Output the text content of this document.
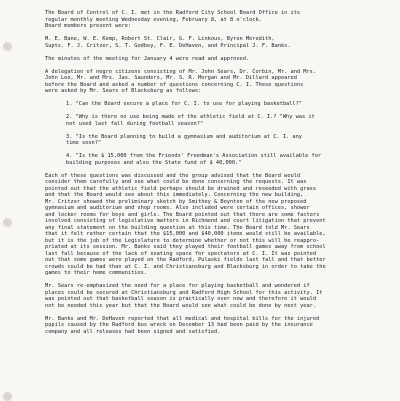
The Board of Control of C. I. met in the Radford City School Board Office in its
regular monthly meeting Wednesday evening, February 8, at 8 o'clock.
Board members present were:
M. E. Bane, W. E. Kemp, Robert St. Clair, G. F. Linkous, Byron Meredith,
Supts. F. J. Critzer, S. T. Godbey, F. E. DeHaven, and Principal J. F. Banks.
The minutes of the meeting for January 4 were read and approved.
A delegation of negro citizens consisting of Mr. John Sears, Dr. Corbin, Mr. and Mrs.
John Lee, Mr. and Mrs. Jas. Saunders, Mr. S. R. Morgan and Mr. Dillard appeared
before the Board and asked a number of questions concerning C. I. These questions
were asked by Mr. Sears of Blacksburg as follows:
1. "Can the Board secure a place for C. I. to use for playing basketball?"
2. "Why is there no use being made of the athletic field at C. I.? "Why was it
not used last fall during football season?"
3. "Is the Board planning to build a gymnasium and auditorium at C. I. any
time soon?"
4. "Is the $ 15,000 from the Friends' Freedman's Association still available for
building purposes and also the State fund of $ 40,000."
Each of these questions was discussed and the group advised that the Board would
consider them carefully and see what could be done concerning the requests. It was
pointed out that the athletic field perhaps should be drained and reseeded with grass
and that the Board would see about this immediately. Concerning the new building,
Mr. Critzer showed the preliminary sketch by Smithey & Boynton of the new proposed
gymnasium and auditorium and shop rooms. Also included were certain offices, shower
and locker rooms for boys and girls. The Board pointed out that there are some factors
involved consisting of legislative matters in Richmond and court litigation that prevent
any final statement on the building question at this time. The Board told Mr. Sears
that it felt rather certain that the $15,000 and $40,000 items would still be available,
but it is the job of the Legislature to determine whether or not this will be reappro-
priated at its session. Mr. Banks said they played their football games away from school
last fall because of the lack of seating space for spectators at C. I. It was pointed
out that some games were played on the Radford, Pulaski fields last fall and that better
crowds could be had than at C. I. and Christiansburg and Blacksburg in order to take the
games to their home communities.
Mr. Sears re-emphasized the need for a place for playing basketball and wondered if
places could be secured at Christiansburg and Radford High School for this activity. It
was pointed out that basketball season is practically over now and therefore it would
not be needed this year but that the Board would see what could be done by next year.
Mr. Banks and Mr. DeHaven reported that all medical and hospital bills for the injured
pupils caused by the Radford bus wreck on December 13 had been paid by the insurance
company and all releases had been signed and satisfied.
